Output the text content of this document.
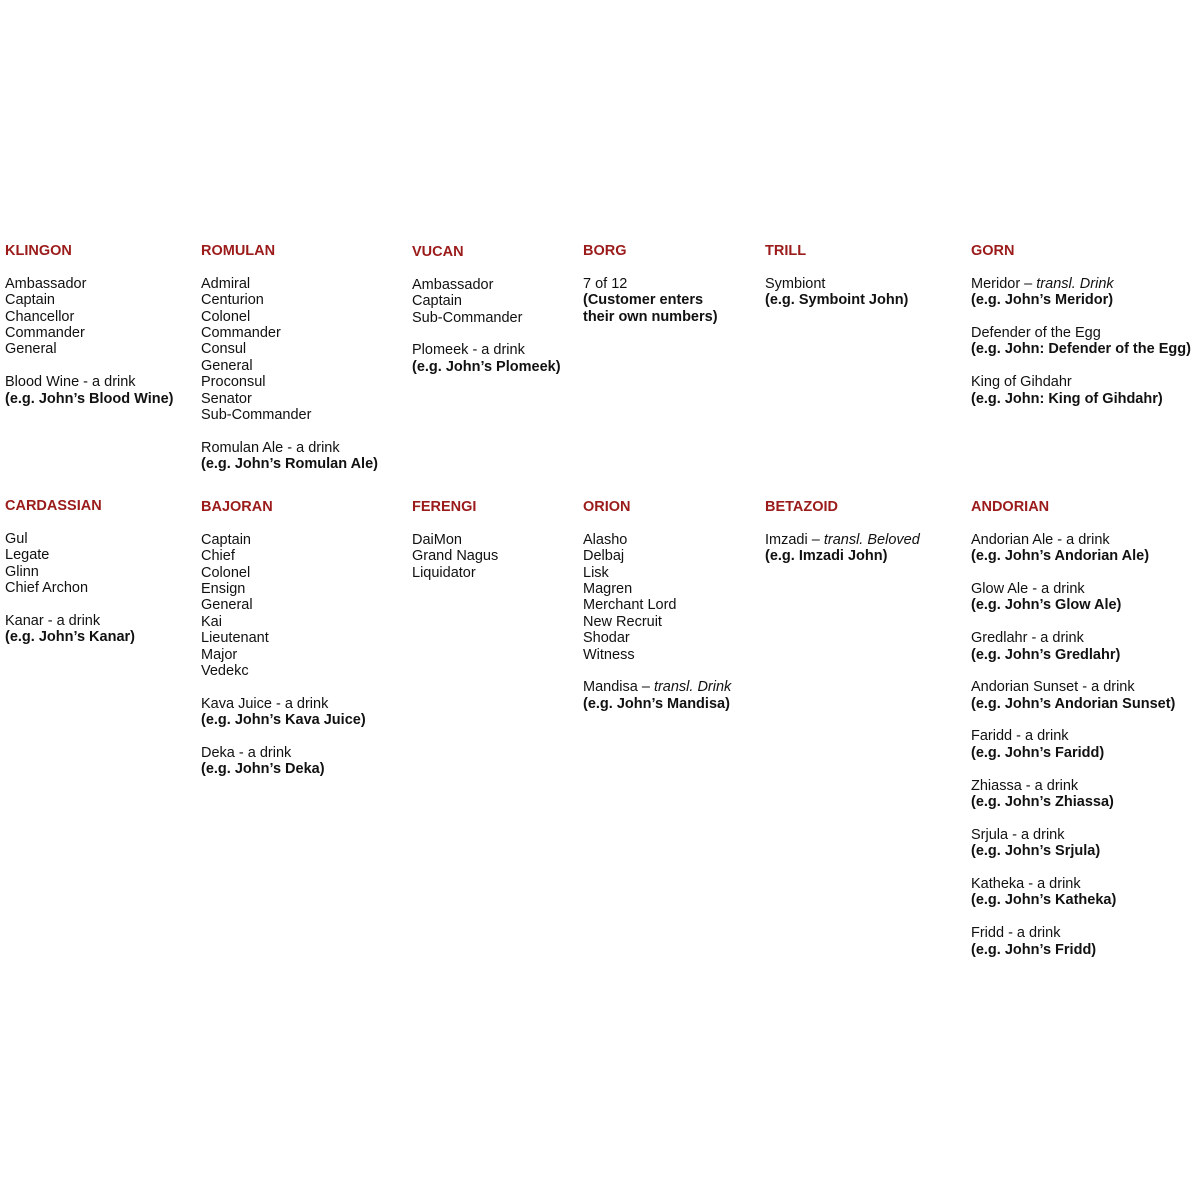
KLINGON
Ambassador
Captain
Chancellor
Commander
General
Blood Wine - a drink
(e.g. John’s Blood Wine)
ROMULAN
Admiral
Centurion
Colonel
Commander
Consul
General
Proconsul
Senator
Sub-Commander
Romulan Ale - a drink
(e.g. John’s Romulan Ale)
VUCAN
Ambassador
Captain
Sub-Commander
Plomeek - a drink
(e.g. John’s Plomeek)
BORG
7 of 12
(Customer enters
their own numbers)
TRILL
Symbiont
(e.g. Symboint John)
GORN
Meridor – transl. Drink
(e.g. John’s Meridor)
Defender of the Egg
(e.g. John: Defender of the Egg)
King of Gihdahr
(e.g. John: King of Gihdahr)
CARDASSIAN
Gul
Legate
Glinn
Chief Archon
Kanar - a drink
(e.g. John’s Kanar)
BAJORAN
Captain
Chief
Colonel
Ensign
General
Kai
Lieutenant
Major
Vedekc
Kava Juice - a drink
(e.g. John’s Kava Juice)
Deka - a drink
(e.g. John’s Deka)
FERENGI
DaiMon
Grand Nagus
Liquidator
ORION
Alasho
Delbaj
Lisk
Magren
Merchant Lord
New Recruit
Shodar
Witness
Mandisa – transl. Drink
(e.g. John’s Mandisa)
BETAZOID
Imzadi – transl. Beloved
(e.g. Imzadi John)
ANDORIAN
Andorian Ale - a drink
(e.g. John’s Andorian Ale)
Glow Ale - a drink
(e.g. John’s Glow Ale)
Gredlahr - a drink
(e.g. John’s Gredlahr)
Andorian Sunset - a drink
(e.g. John’s Andorian Sunset)
Faridd - a drink
(e.g. John’s Faridd)
Zhiassa - a drink
(e.g. John’s Zhiassa)
Srjula - a drink
(e.g. John’s Srjula)
Katheka - a drink
(e.g. John’s Katheka)
Fridd - a drink
(e.g. John’s Fridd)
